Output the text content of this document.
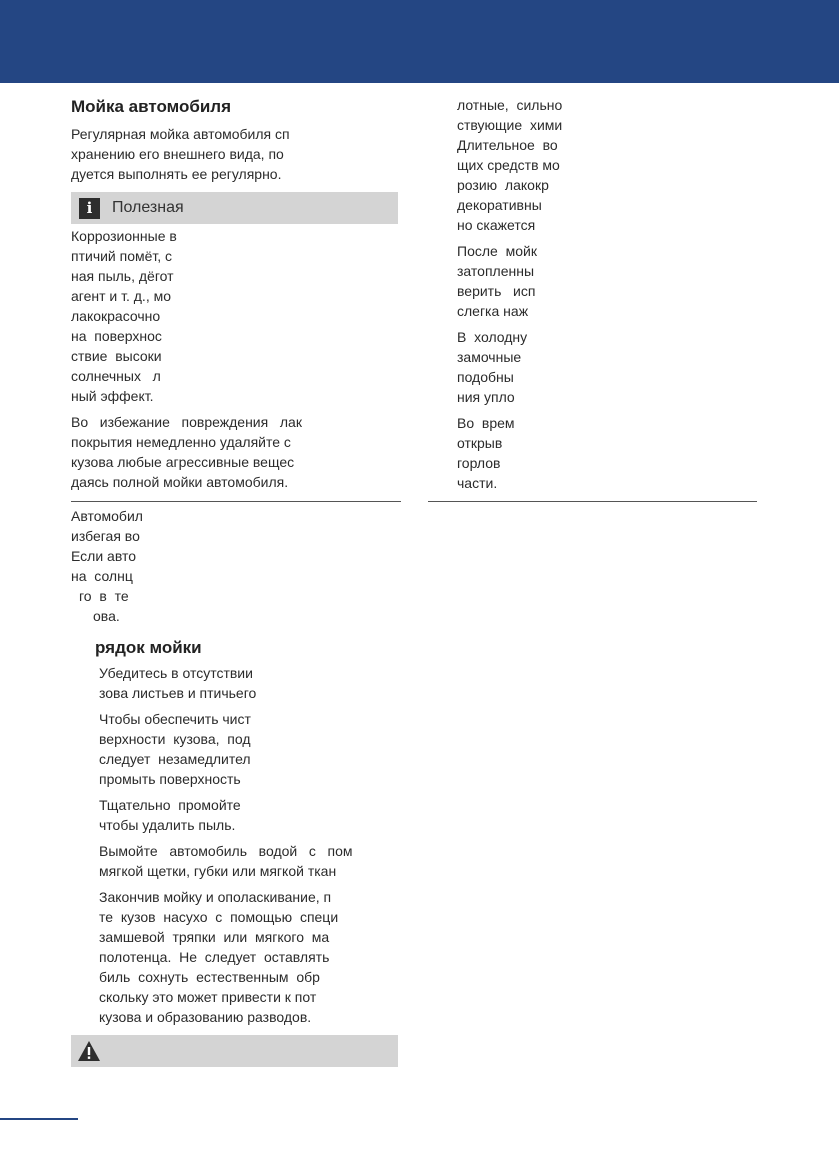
Мойка автомобиля
Регулярная мойка автомобиля сп
хранению его внешнего вида, по
дуется выполнять ее регулярно.
i	Полезная
Коррозионные в
птичий помёт, с
ная пыль, дёгот
агент и т. д., мо
лакокрасочно
на  поверхнос
ствие  высоки
солнечных   л
ный эффект.
Во   избежание   повреждения   лак
покрытия немедленно удаляйте с
кузова любые агрессивные вещес
даясь полной мойки автомобиля.
Автомобил
избегая во
Если авто
на  солнц
го  в  те
ова.
рядок мойки
Убедитесь в отсутствии
зова листьев и птичьего
Чтобы обеспечить чист
верхности  кузова,  под
следует  незамедлител
промыть поверхность
Тщательно  промойте
чтобы удалить пыль.
Вымойте   автомобиль   водой   с   пом
мягкой щетки, губки или мягкой ткан
Закончив мойку и ополаскивание, п
те  кузов  насухо  с  помощью  специ
замшевой  тряпки  или  мягкого  ма
полотенца.  Не  следует  оставлять
биль  сохнуть  естественным  обр
скольку это может привести к пот
кузова и образованию разводов.
лотные,  сильно
ствующие  хими
Длительное  во
щих средств мо
розию  лакокр
декоративны
но скажется
После  мойк
затопленны
верить   исп
слегка наж
В  холодну
замочные
подобны
ния упло
Во  врем
открыв
горлов
части.
